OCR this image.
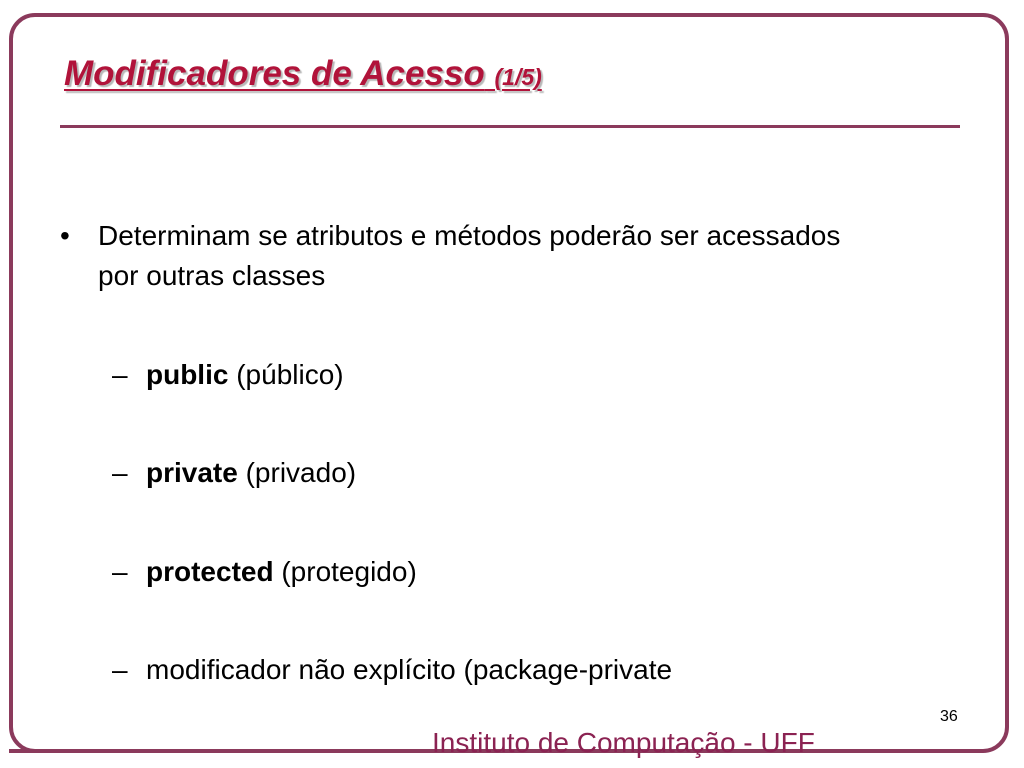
Modificadores de Acesso (1/5)
• Determinam se atributos e métodos poderão ser acessados por outras classes
– public (público)
– private (privado)
– protected (protegido)
– modificador não explícito (package-private
36
Instituto de Computação - UFF
